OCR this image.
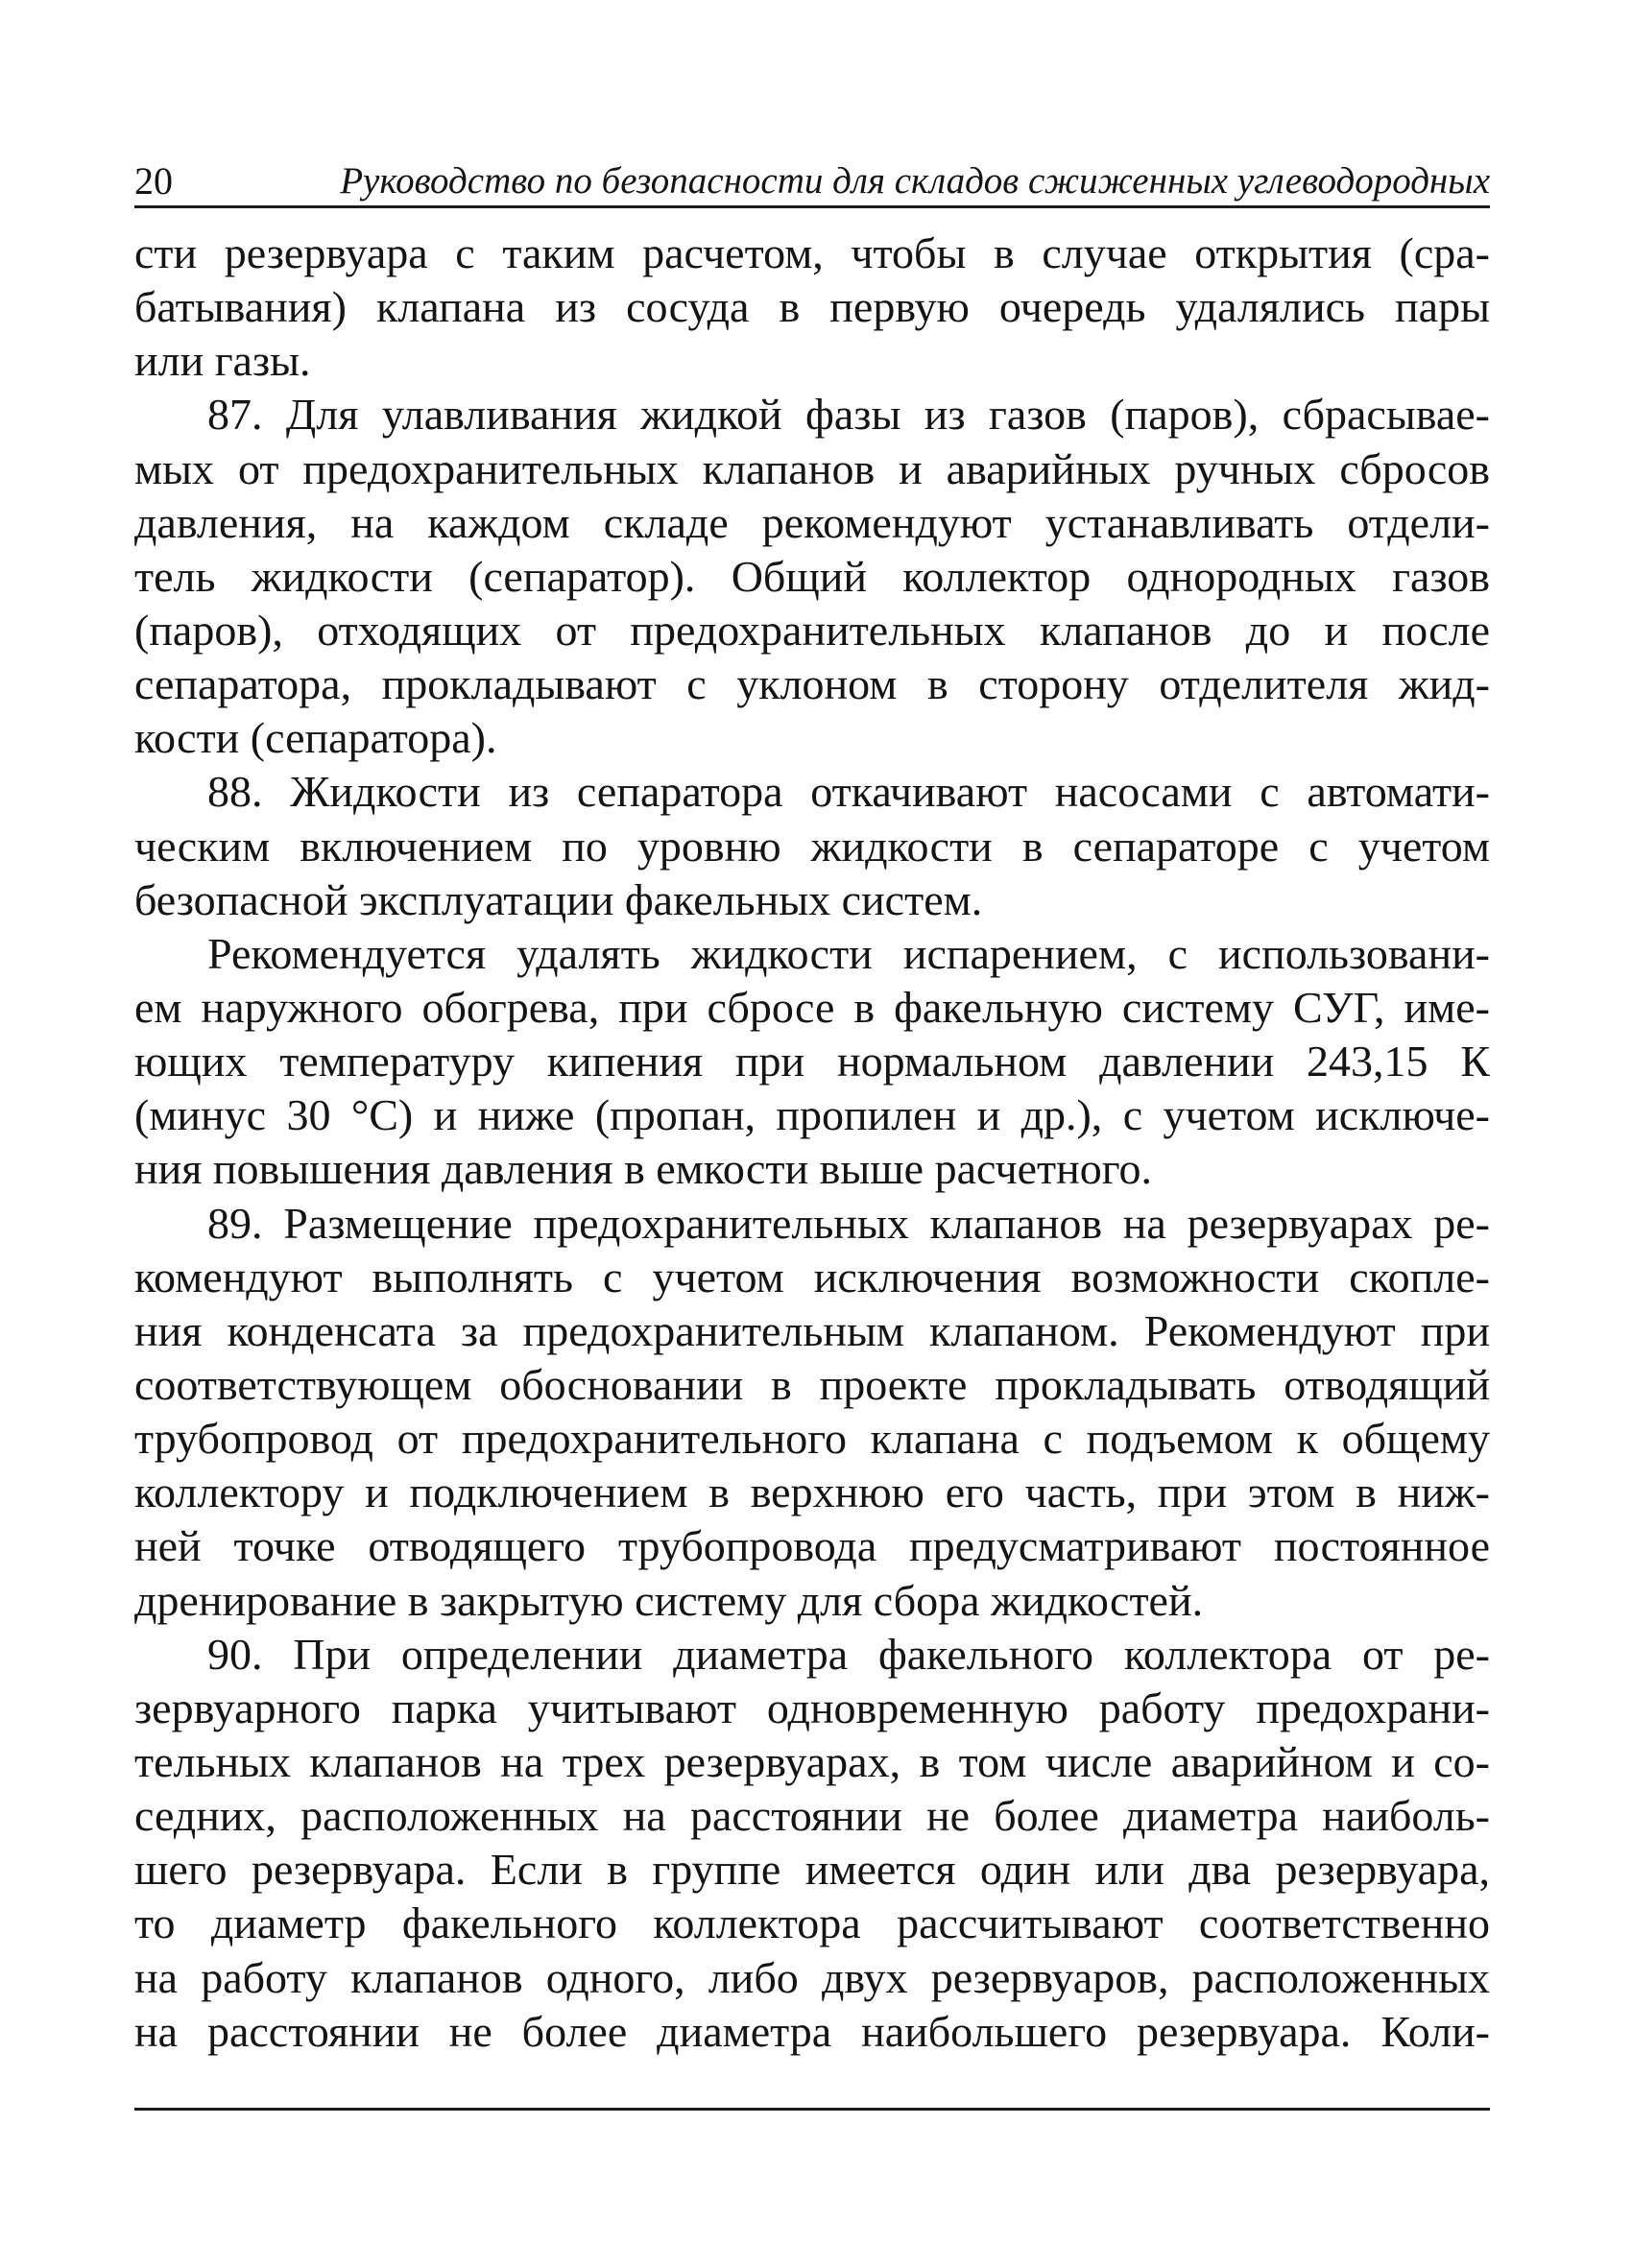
20	Руководство по безопасности для складов сжиженных углеводородных
сти резервуара с таким расчетом, чтобы в случае открытия (сра-
батывания) клапана из сосуда в первую очередь удалялись пары
или газы.
87. Для улавливания жидкой фазы из газов (паров), сбрасывае-
мых от предохранительных клапанов и аварийных ручных сбросов
давления, на каждом складе рекомендуют устанавливать отдели-
тель жидкости (сепаратор). Общий коллектор однородных газов
(паров), отходящих от предохранительных клапанов до и после
сепаратора, прокладывают с уклоном в сторону отделителя жид-
кости (сепаратора).
88. Жидкости из сепаратора откачивают насосами с автомати-
ческим включением по уровню жидкости в сепараторе с учетом
безопасной эксплуатации факельных систем.
Рекомендуется удалять жидкости испарением, с использовани-
ем наружного обогрева, при сбросе в факельную систему СУГ, име-
ющих температуру кипения при нормальном давлении 243,15 К
(минус 30 °С) и ниже (пропан, пропилен и др.), с учетом исключе-
ния повышения давления в емкости выше расчетного.
89. Размещение предохранительных клапанов на резервуарах ре-
комендуют выполнять с учетом исключения возможности скопле-
ния конденсата за предохранительным клапаном. Рекомендуют при
соответствующем обосновании в проекте прокладывать отводящий
трубопровод от предохранительного клапана с подъемом к общему
коллектору и подключением в верхнюю его часть, при этом в ниж-
ней точке отводящего трубопровода предусматривают постоянное
дренирование в закрытую систему для сбора жидкостей.
90. При определении диаметра факельного коллектора от ре-
зервуарного парка учитывают одновременную работу предохрани-
тельных клапанов на трех резервуарах, в том числе аварийном и со-
седних, расположенных на расстоянии не более диаметра наиболь-
шего резервуара. Если в группе имеется один или два резервуара,
то диаметр факельного коллектора рассчитывают соответственно
на работу клапанов одного, либо двух резервуаров, расположенных
на расстоянии не более диаметра наибольшего резервуара. Коли-
